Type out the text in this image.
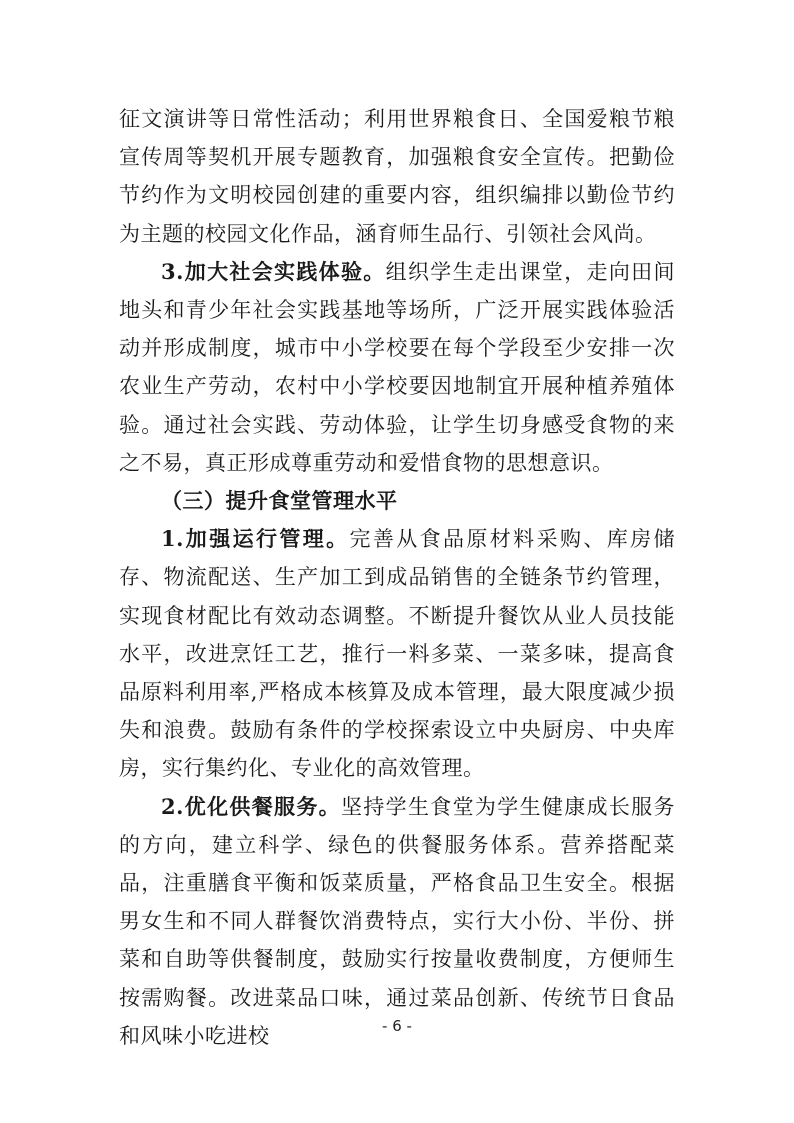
征文演讲等日常性活动；利用世界粮食日、全国爱粮节粮宣传周等契机开展专题教育，加强粮食安全宣传。把勤俭节约作为文明校园创建的重要内容，组织编排以勤俭节约为主题的校园文化作品，涵育师生品行、引领社会风尚。

3.加大社会实践体验。组织学生走出课堂，走向田间地头和青少年社会实践基地等场所，广泛开展实践体验活动并形成制度，城市中小学校要在每个学段至少安排一次农业生产劳动，农村中小学校要因地制宜开展种植养殖体验。通过社会实践、劳动体验，让学生切身感受食物的来之不易，真正形成尊重劳动和爱惜食物的思想意识。

（三）提升食堂管理水平

1.加强运行管理。完善从食品原材料采购、库房储存、物流配送、生产加工到成品销售的全链条节约管理，实现食材配比有效动态调整。不断提升餐饮从业人员技能水平，改进烹饪工艺，推行一料多菜、一菜多味，提高食品原料利用率,严格成本核算及成本管理，最大限度减少损失和浪费。鼓励有条件的学校探索设立中央厨房、中央库房，实行集约化、专业化的高效管理。

2.优化供餐服务。坚持学生食堂为学生健康成长服务的方向，建立科学、绿色的供餐服务体系。营养搭配菜品，注重膳食平衡和饭菜质量，严格食品卫生安全。根据男女生和不同人群餐饮消费特点，实行大小份、半份、拼菜和自助等供餐制度，鼓励实行按量收费制度，方便师生按需购餐。改进菜品口味，通过菜品创新、传统节日食品和风味小吃进校	- 6 -
